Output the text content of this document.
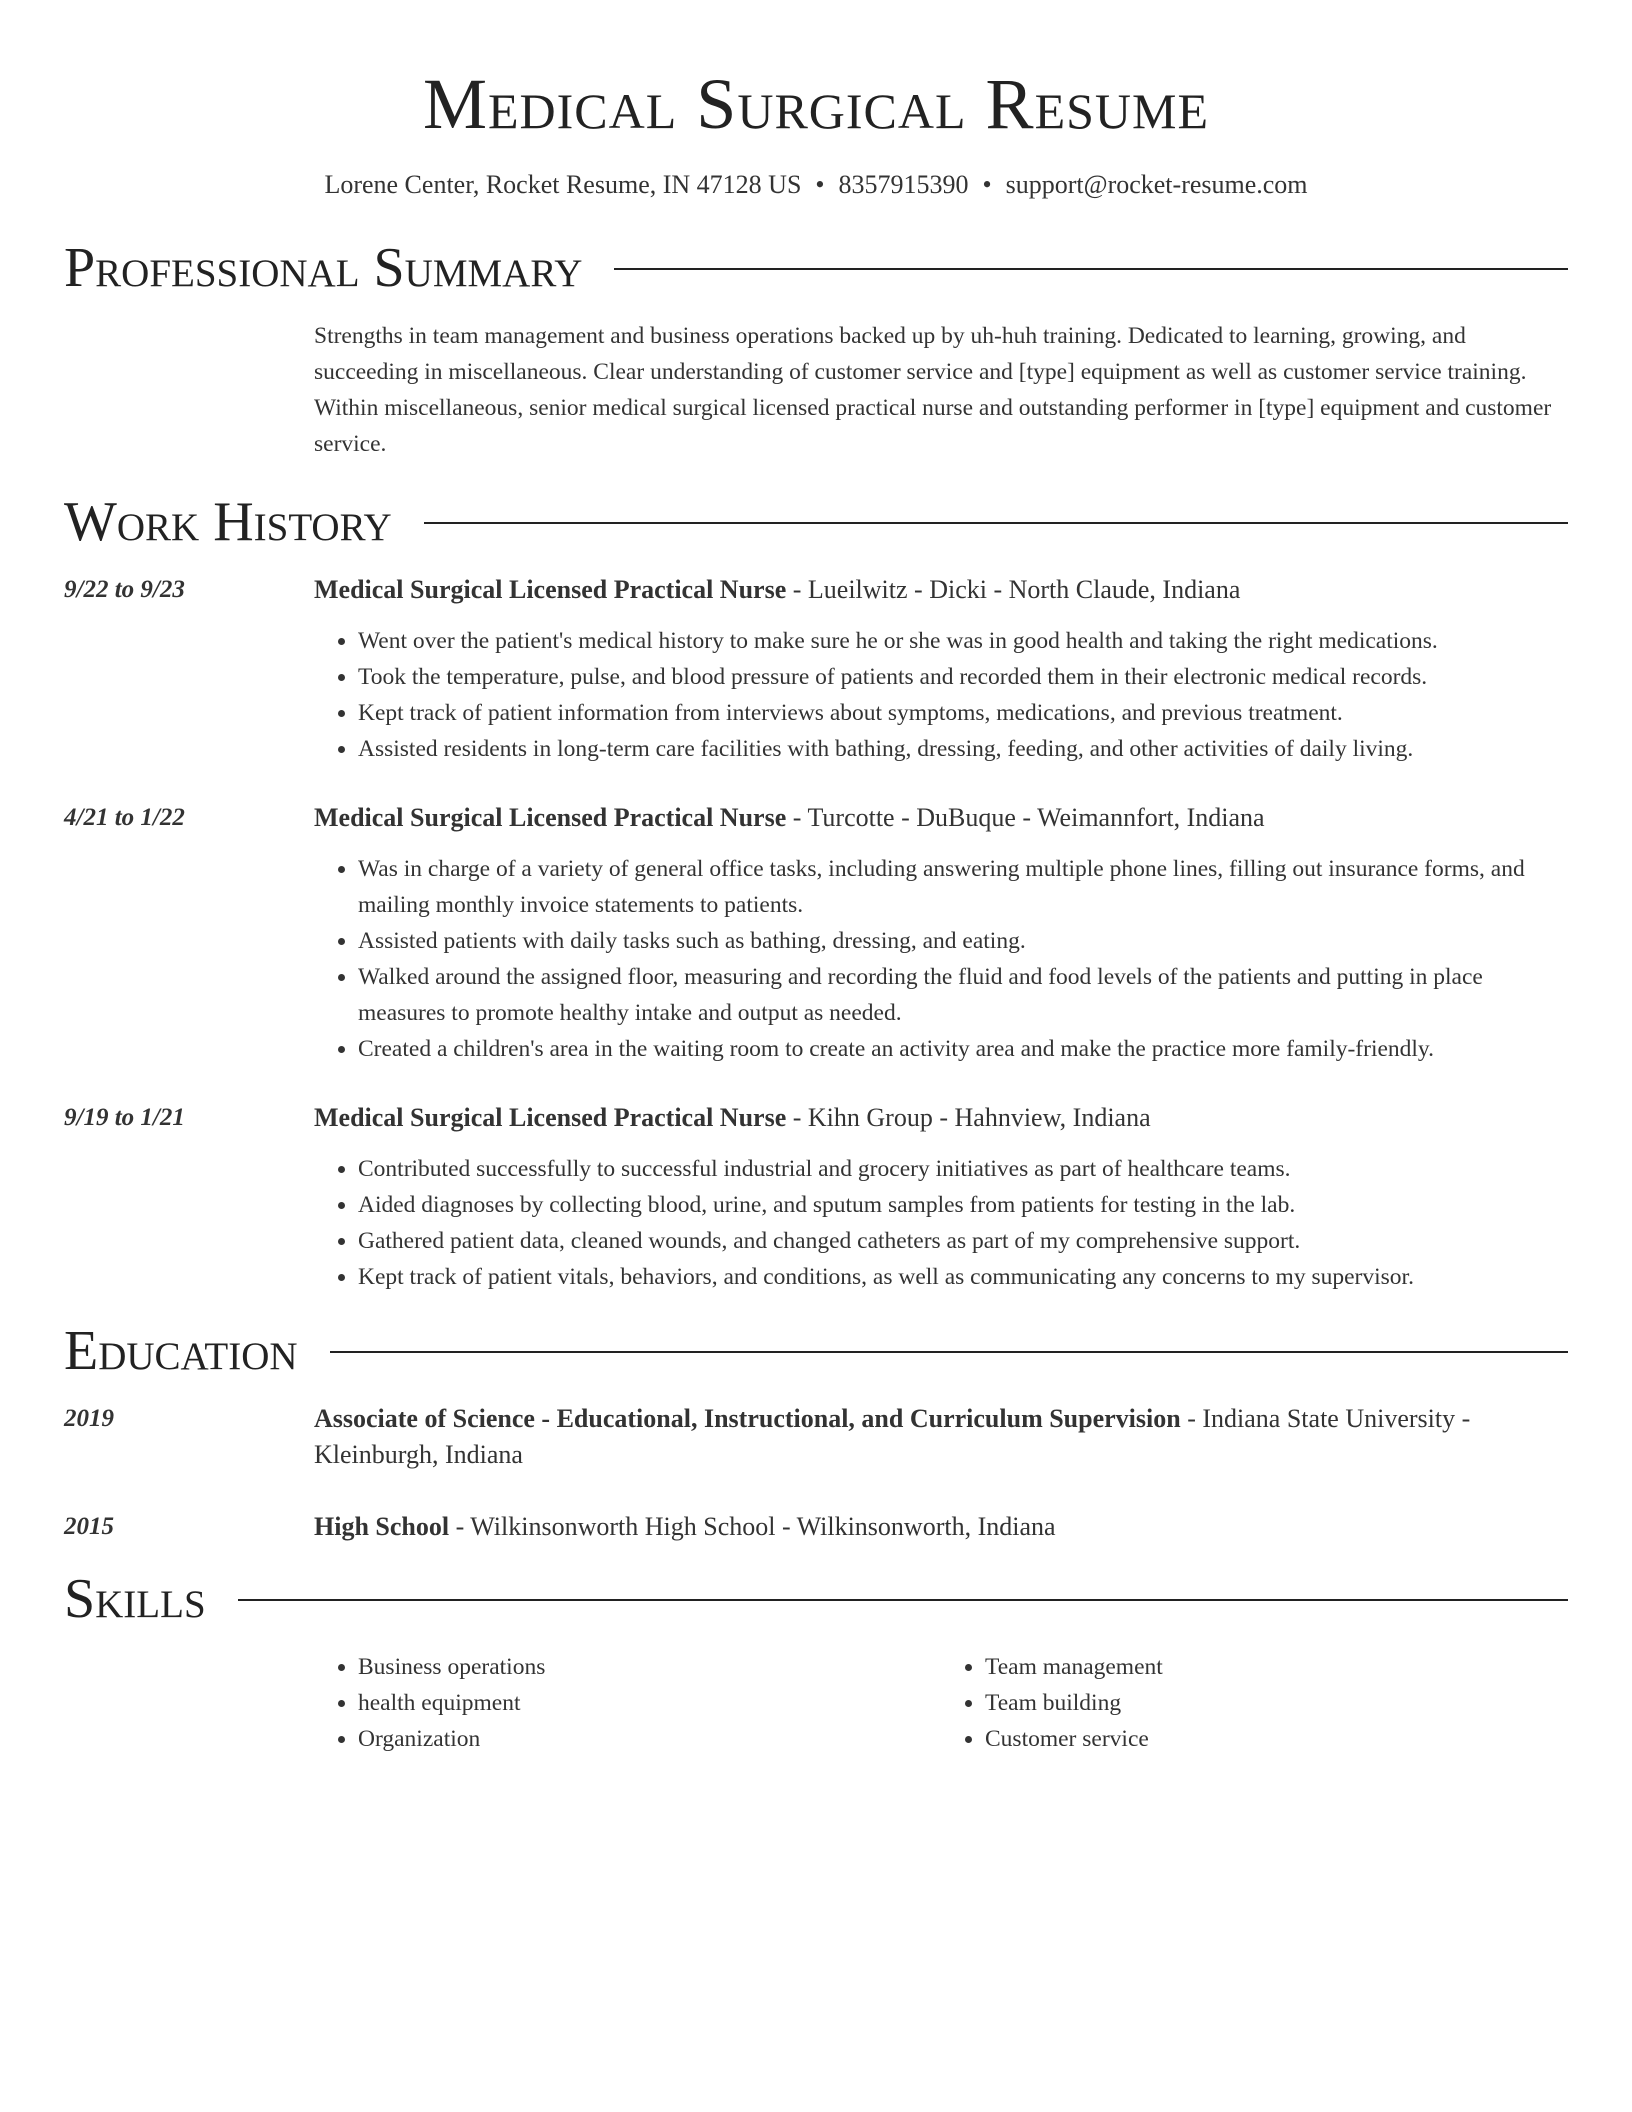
Medical Surgical Resume
Lorene Center, Rocket Resume, IN 47128 US • 8357915390 • support@rocket-resume.com
Professional Summary

Strengths in team management and business operations backed up by uh-huh training. Dedicated to learning, growing, and succeeding in miscellaneous. Clear understanding of customer service and [type] equipment as well as customer service training. Within miscellaneous, senior medical surgical licensed practical nurse and outstanding performer in [type] equipment and customer service.

Work History
9/22 to 9/23	Medical Surgical Licensed Practical Nurse - Lueilwitz - Dicki - North Claude, Indiana
• Went over the patient's medical history to make sure he or she was in good health and taking the right medications.
• Took the temperature, pulse, and blood pressure of patients and recorded them in their electronic medical records.
• Kept track of patient information from interviews about symptoms, medications, and previous treatment.
• Assisted residents in long-term care facilities with bathing, dressing, feeding, and other activities of daily living.
4/21 to 1/22	Medical Surgical Licensed Practical Nurse - Turcotte - DuBuque - Weimannfort, Indiana
• Was in charge of a variety of general office tasks, including answering multiple phone lines, filling out insurance forms, and mailing monthly invoice statements to patients.
• Assisted patients with daily tasks such as bathing, dressing, and eating.
• Walked around the assigned floor, measuring and recording the fluid and food levels of the patients and putting in place measures to promote healthy intake and output as needed.
• Created a children's area in the waiting room to create an activity area and make the practice more family-friendly.
9/19 to 1/21	Medical Surgical Licensed Practical Nurse - Kihn Group - Hahnview, Indiana
• Contributed successfully to successful industrial and grocery initiatives as part of healthcare teams.
• Aided diagnoses by collecting blood, urine, and sputum samples from patients for testing in the lab.
• Gathered patient data, cleaned wounds, and changed catheters as part of my comprehensive support.
• Kept track of patient vitals, behaviors, and conditions, as well as communicating any concerns to my supervisor.
Education
2019	Associate of Science - Educational, Instructional, and Curriculum Supervision - Indiana State University - Kleinburgh, Indiana
2015	High School - Wilkinsonworth High School - Wilkinsonworth, Indiana
Skills
• Business operations
• health equipment
• Organization
• Team management
• Team building
• Customer service
